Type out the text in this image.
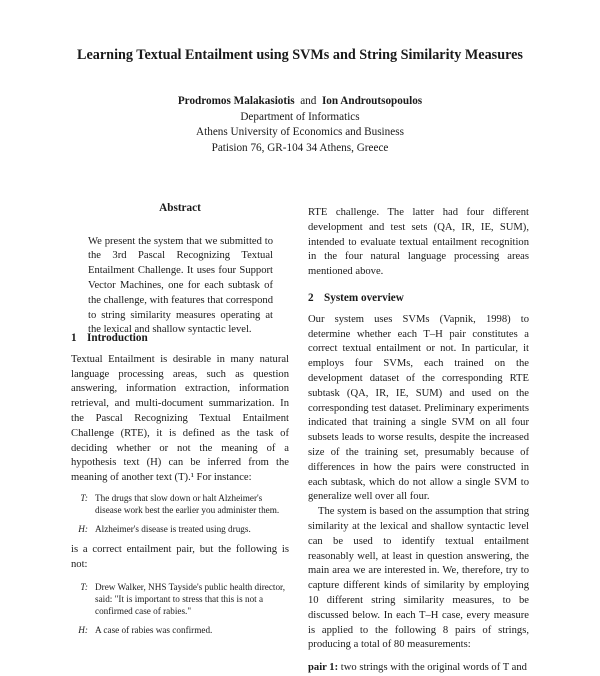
Learning Textual Entailment using SVMs and String Similarity Measures
Prodromos Malakasiotis and Ion Androutsopoulos
Department of Informatics
Athens University of Economics and Business
Patision 76, GR-104 34 Athens, Greece
Abstract

We present the system that we submitted to the 3rd Pascal Recognizing Textual Entailment Challenge. It uses four Support Vector Machines, one for each subtask of the challenge, with features that correspond to string similarity measures operating at the lexical and shallow syntactic level.

1 Introduction

Textual Entailment is desirable in many natural language processing areas, such as question answering, information extraction, information retrieval, and multi-document summarization. In the Pascal Recognizing Textual Entailment Challenge (RTE), it is defined as the task of deciding whether or not the meaning of a hypothesis text (H) can be inferred from the meaning of another text (T).¹ For instance:

T: The drugs that slow down or halt Alzheimer's disease work best the earlier you administer them.

H: Alzheimer's disease is treated using drugs.

is a correct entailment pair, but the following is not:

T: Drew Walker, NHS Tayside's public health director, said: "It is important to stress that this is not a confirmed case of rabies."

H: A case of rabies was confirmed.

RTE challenge. The latter had four different development and test sets (QA, IR, IE, SUM), intended to evaluate textual entailment recognition in the four natural language processing areas mentioned above.

2 System overview

Our system uses SVMs (Vapnik, 1998) to determine whether each T–H pair constitutes a correct textual entailment or not. In particular, it employs four SVMs, each trained on the development dataset of the corresponding RTE subtask (QA, IR, IE, SUM) and used on the corresponding test dataset. Preliminary experiments indicated that training a single SVM on all four subsets leads to worse results, despite the increased size of the training set, presumably because of differences in how the pairs were constructed in each subtask, which do not allow a single SVM to generalize well over all four.

The system is based on the assumption that string similarity at the lexical and shallow syntactic level can be used to identify textual entailment reasonably well, at least in question answering, the main area we are interested in. We, therefore, try to capture different kinds of similarity by employing 10 different string similarity measures, to be discussed below. In each T–H case, every measure is applied to the following 8 pairs of strings, producing a total of 80 measurements:

pair 1: two strings with the original words of T and
